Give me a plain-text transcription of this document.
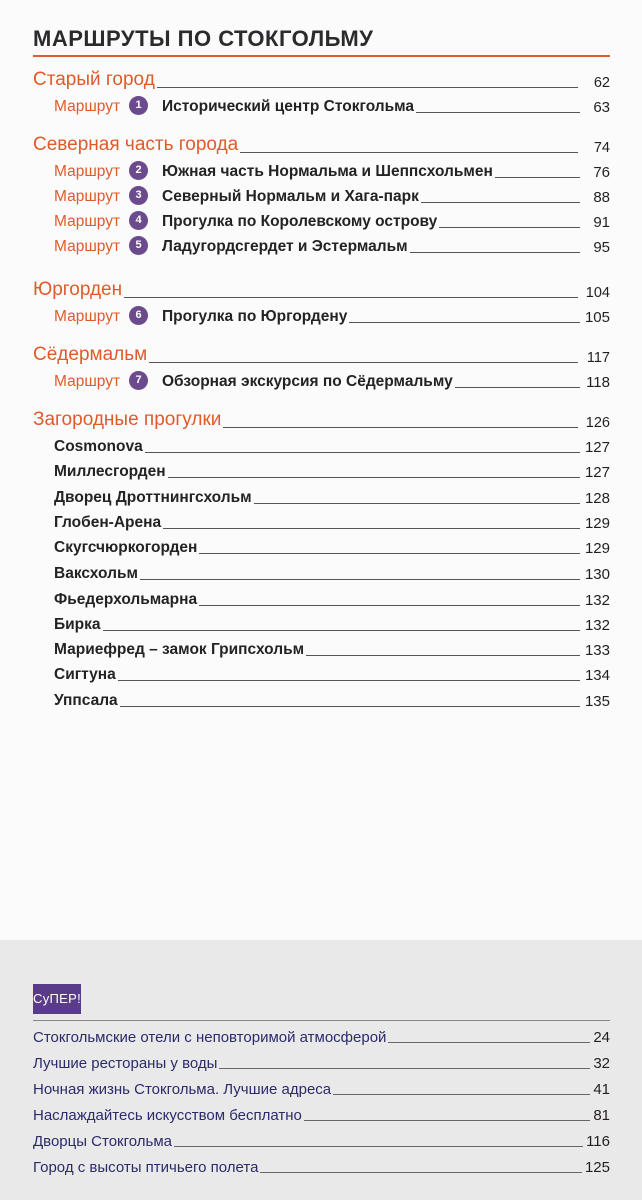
МАРШРУТЫ ПО СТОКГОЛЬМУ
Старый город	62
Маршрут	1	Исторический центр Стокгольма	63
Северная часть города	74
Маршрут	2	Южная часть Нормальма и Шеппсхольмен	76
Маршрут	3	Северный Нормальм и Хага-парк	88
Маршрут	4	Прогулка по Королевскому острову	91
Маршрут	5	Ладугордсгердет и Эстермальм	95
Юргорден	104
Маршрут	6	Прогулка по Юргордену	105
Сёдермальм	117
Маршрут	7	Обзорная экскурсия по Сёдермальму	118
Загородные прогулки	126
Cosmonova	127
Миллесгорден	127
Дворец Дроттнингсхольм	128
Глобен-Арена	129
Скугсчюркогорден	129
Ваксхольм	130
Фьедерхольмарна	132
Бирка	132
Мариефред – замок Грипсхольм	133
Сигтуна	134
Уппсала	135
СуПЕР!
Стокгольмские отели с неповторимой атмосферой	24
Лучшие рестораны у воды	32
Ночная жизнь Стокгольма. Лучшие адреса	41
Наслаждайтесь искусством бесплатно	81
Дворцы Стокгольма	116
Город с высоты птичьего полета	125
